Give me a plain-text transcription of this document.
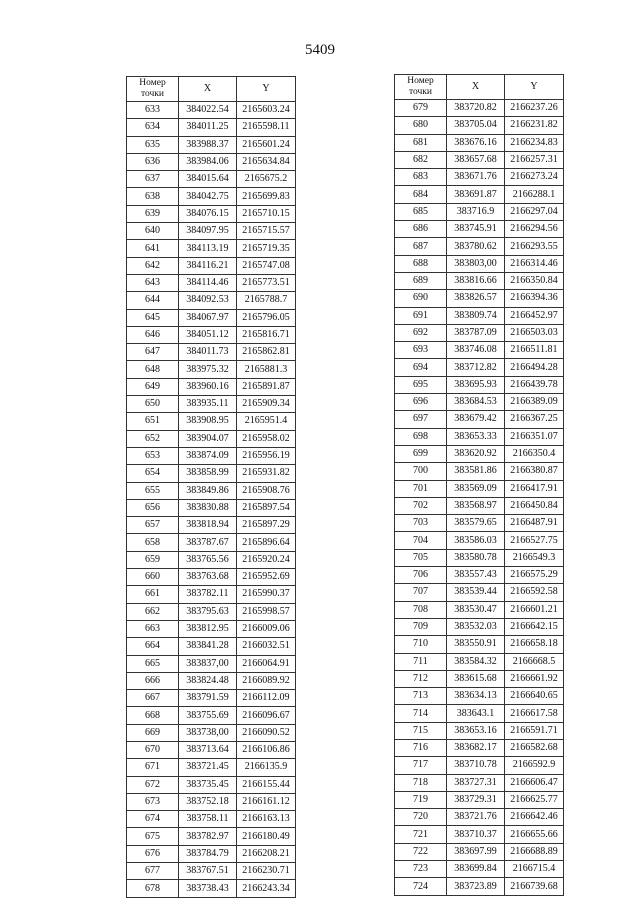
5409
Номер
точки	X	Y
633	384022.54	2165603.24
634	384011.25	2165598.11
635	383988.37	2165601.24
636	383984.06	2165634.84
637	384015.64	2165675.2
638	384042.75	2165699.83
639	384076.15	2165710.15
640	384097.95	2165715.57
641	384113.19	2165719.35
642	384116.21	2165747.08
643	384114.46	2165773.51
644	384092.53	2165788.7
645	384067.97	2165796.05
646	384051.12	2165816.71
647	384011.73	2165862.81
648	383975.32	2165881.3
649	383960.16	2165891.87
650	383935.11	2165909.34
651	383908.95	2165951.4
652	383904.07	2165958.02
653	383874.09	2165956.19
654	383858.99	2165931.82
655	383849.86	2165908.76
656	383830.88	2165897.54
657	383818.94	2165897.29
658	383787.67	2165896.64
659	383765.56	2165920.24
660	383763.68	2165952.69
661	383782.11	2165990.37
662	383795.63	2165998.57
663	383812.95	2166009.06
664	383841.28	2166032.51
665	383837,00	2166064.91
666	383824.48	2166089.92
667	383791.59	2166112.09
668	383755.69	2166096.67
669	383738,00	2166090.52
670	383713.64	2166106.86
671	383721.45	2166135.9
672	383735.45	2166155.44
673	383752.18	2166161.12
674	383758.11	2166163.13
675	383782.97	2166180.49
676	383784.79	2166208.21
677	383767.51	2166230.71
678	383738.43	2166243.34
Номер
точки	X	Y
679	383720.82	2166237.26
680	383705.04	2166231.82
681	383676.16	2166234.83
682	383657.68	2166257.31
683	383671.76	2166273.24
684	383691.87	2166288.1
685	383716.9	2166297.04
686	383745.91	2166294.56
687	383780.62	2166293.55
688	383803,00	2166314.46
689	383816.66	2166350.84
690	383826.57	2166394.36
691	383809.74	2166452.97
692	383787.09	2166503.03
693	383746.08	2166511.81
694	383712.82	2166494.28
695	383695.93	2166439.78
696	383684.53	2166389.09
697	383679.42	2166367.25
698	383653.33	2166351.07
699	383620.92	2166350.4
700	383581.86	2166380.87
701	383569.09	2166417.91
702	383568.97	2166450.84
703	383579.65	2166487.91
704	383586.03	2166527.75
705	383580.78	2166549.3
706	383557.43	2166575.29
707	383539.44	2166592.58
708	383530.47	2166601.21
709	383532.03	2166642.15
710	383550.91	2166658.18
711	383584.32	2166668.5
712	383615.68	2166661.92
713	383634.13	2166640.65
714	383643.1	2166617.58
715	383653.16	2166591.71
716	383682.17	2166582.68
717	383710.78	2166592.9
718	383727.31	2166606.47
719	383729.31	2166625.77
720	383721.76	2166642.46
721	383710.37	2166655.66
722	383697.99	2166688.89
723	383699.84	2166715.4
724	383723.89	2166739.68
